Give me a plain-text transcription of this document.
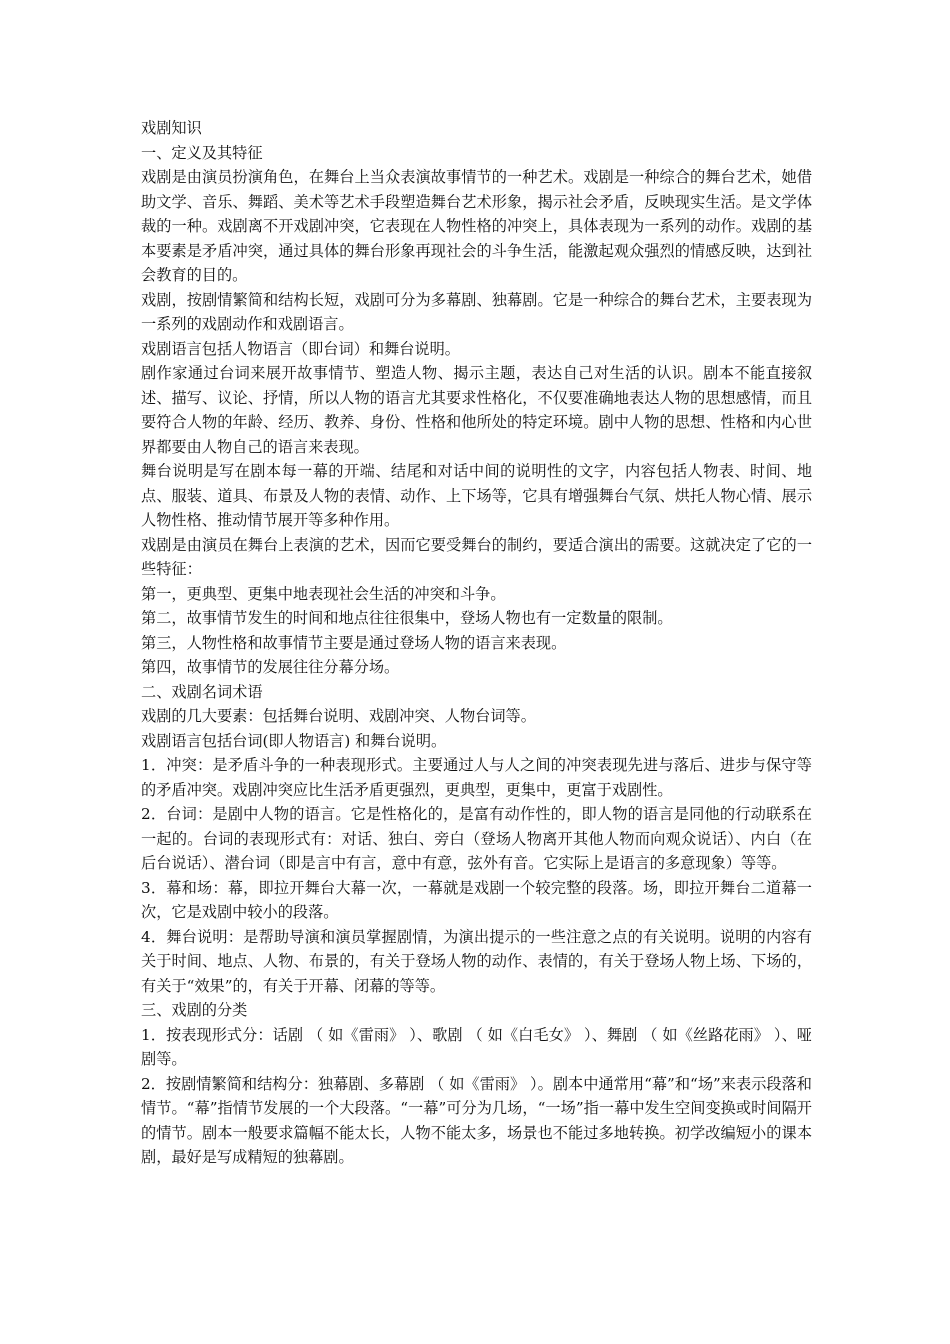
戏剧知识

一、定义及其特征

戏剧是由演员扮演角色，在舞台上当众表演故事情节的一种艺术。戏剧是一种综合的舞台艺术，她借助文学、音乐、舞蹈、美术等艺术手段塑造舞台艺术形象，揭示社会矛盾，反映现实生活。是文学体裁的一种。戏剧离不开戏剧冲突，它表现在人物性格的冲突上，具体表现为一系列的动作。戏剧的基本要素是矛盾冲突，通过具体的舞台形象再现社会的斗争生活，能激起观众强烈的情感反映，达到社会教育的目的。

戏剧，按剧情繁简和结构长短，戏剧可分为多幕剧、独幕剧。它是一种综合的舞台艺术，主要表现为一系列的戏剧动作和戏剧语言。

戏剧语言包括人物语言（即台词）和舞台说明。

剧作家通过台词来展开故事情节、塑造人物、揭示主题，表达自己对生活的认识。剧本不能直接叙述、描写、议论、抒情，所以人物的语言尤其要求性格化，不仅要准确地表达人物的思想感情，而且要符合人物的年龄、经历、教养、身份、性格和他所处的特定环境。剧中人物的思想、性格和内心世界都要由人物自己的语言来表现。

舞台说明是写在剧本每一幕的开端、结尾和对话中间的说明性的文字，内容包括人物表、时间、地点、服装、道具、布景及人物的表情、动作、上下场等，它具有增强舞台气氛、烘托人物心情、展示人物性格、推动情节展开等多种作用。

戏剧是由演员在舞台上表演的艺术，因而它要受舞台的制约，要适合演出的需要。这就决定了它的一些特征：

第一，更典型、更集中地表现社会生活的冲突和斗争。

第二，故事情节发生的时间和地点往往很集中，登场人物也有一定数量的限制。

第三，人物性格和故事情节主要是通过登场人物的语言来表现。

第四，故事情节的发展往往分幕分场。

二、戏剧名词术语

戏剧的几大要素：包括舞台说明、戏剧冲突、人物台词等。

戏剧语言包括台词(即人物语言) 和舞台说明。

1．冲突：是矛盾斗争的一种表现形式。主要通过人与人之间的冲突表现先进与落后、进步与保守等的矛盾冲突。戏剧冲突应比生活矛盾更强烈，更典型，更集中，更富于戏剧性。

2．台词：是剧中人物的语言。它是性格化的，是富有动作性的，即人物的语言是同他的行动联系在一起的。台词的表现形式有：对话、独白、旁白（登场人物离开其他人物而向观众说话）、内白（在后台说话）、潜台词（即是言中有言，意中有意，弦外有音。它实际上是语言的多意现象）等等。

3．幕和场：幕，即拉开舞台大幕一次，一幕就是戏剧一个较完整的段落。场，即拉开舞台二道幕一次，它是戏剧中较小的段落。

4．舞台说明：是帮助导演和演员掌握剧情，为演出提示的一些注意之点的有关说明。说明的内容有关于时间、地点、人物、布景的，有关于登场人物的动作、表情的，有关于登场人物上场、下场的，有关于“效果”的，有关于开幕、闭幕的等等。

三、戏剧的分类

1．按表现形式分：话剧 （ 如《雷雨》 ）、歌剧 （ 如《白毛女》 ）、舞剧 （ 如《丝路花雨》 ）、哑剧等。

2．按剧情繁简和结构分：独幕剧、多幕剧 （ 如《雷雨》 ）。剧本中通常用“幕”和“场”来表示段落和情节。“幕”指情节发展的一个大段落。“一幕”可分为几场，“一场”指一幕中发生空间变换或时间隔开的情节。剧本一般要求篇幅不能太长，人物不能太多，场景也不能过多地转换。初学改编短小的课本剧，最好是写成精短的独幕剧。
